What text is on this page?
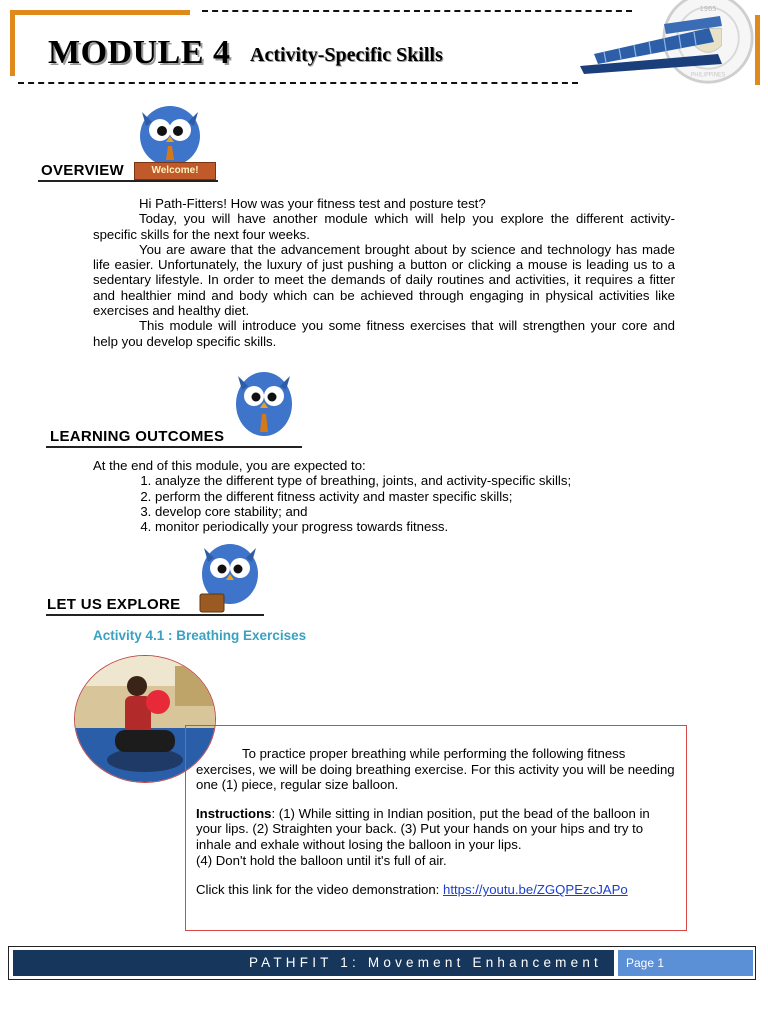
1965
PHILIPPINES
MODULE 4 Activity-Specific Skills
Welcome!
OVERVIEW

Hi Path-Fitters! How was your fitness test and posture test?

Today, you will have another module which will help you explore the different activity-specific skills for the next four weeks.

You are aware that the advancement brought about by science and technology has made life easier. Unfortunately, the luxury of just pushing a button or clicking a mouse is leading us to a sedentary lifestyle. In order to meet the demands of daily routines and activities, it requires a fitter and healthier mind and body which can be achieved through engaging in physical activities like exercises and healthy diet.

This module will introduce you some fitness exercises that will strengthen your core and help you develop specific skills.

LEARNING OUTCOMES
At the end of this module, you are expected to:
1. analyze the different type of breathing, joints, and activity-specific skills;
2. perform the different fitness activity and master specific skills;
3. develop core stability; and
4. monitor periodically your progress towards fitness.
LET US EXPLORE
Activity 4.1 : Breathing Exercises

To practice proper breathing while performing the following fitness exercises, we will be doing breathing exercise. For this activity you will be needing one (1) piece, regular size balloon.

Instructions: (1) While sitting in Indian position, put the bead of the balloon in your lips. (2) Straighten your back. (3) Put your hands on your hips and try to inhale and exhale without losing the balloon in your lips.
(4) Don't hold the balloon until it's full of air.

Click this link for the video demonstration: https://youtu.be/ZGQPEzcJAPo

PATHFIT 1: Movement Enhancement	Page 1
